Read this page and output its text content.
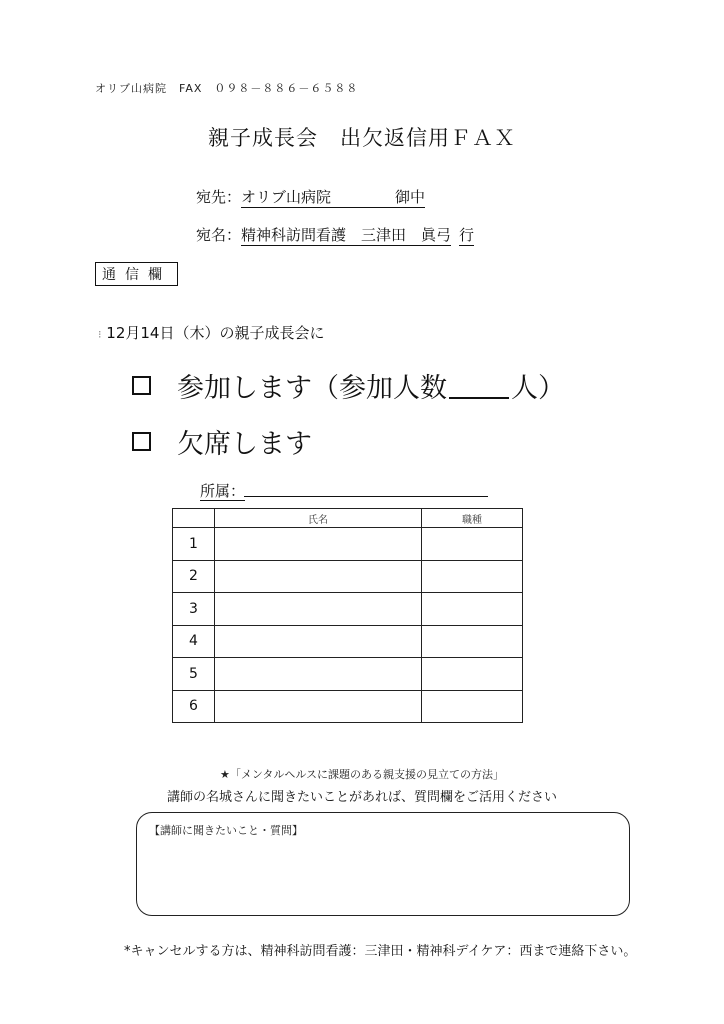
オリブ山病院　FAX　０９８－８８６－６５８８
親子成長会　出欠返信用ＦＡＸ
宛先：オリブ山病院	御中
宛名：精神科訪問看護　三津田　眞弓 行
通信欄
⁝ 12月14日（木）の親子成長会に
参加します（参加人数 人）
欠席します
所属：
	氏名	職種
1		
2		
3		
4		
5		
6		
★「メンタルヘルスに課題のある親支援の見立ての方法」
講師の名城さんに聞きたいことがあれば、質問欄をご活用ください
【講師に聞きたいこと・質問】
*キャンセルする方は、精神科訪問看護：三津田・精神科デイケア：西まで連絡下さい。
